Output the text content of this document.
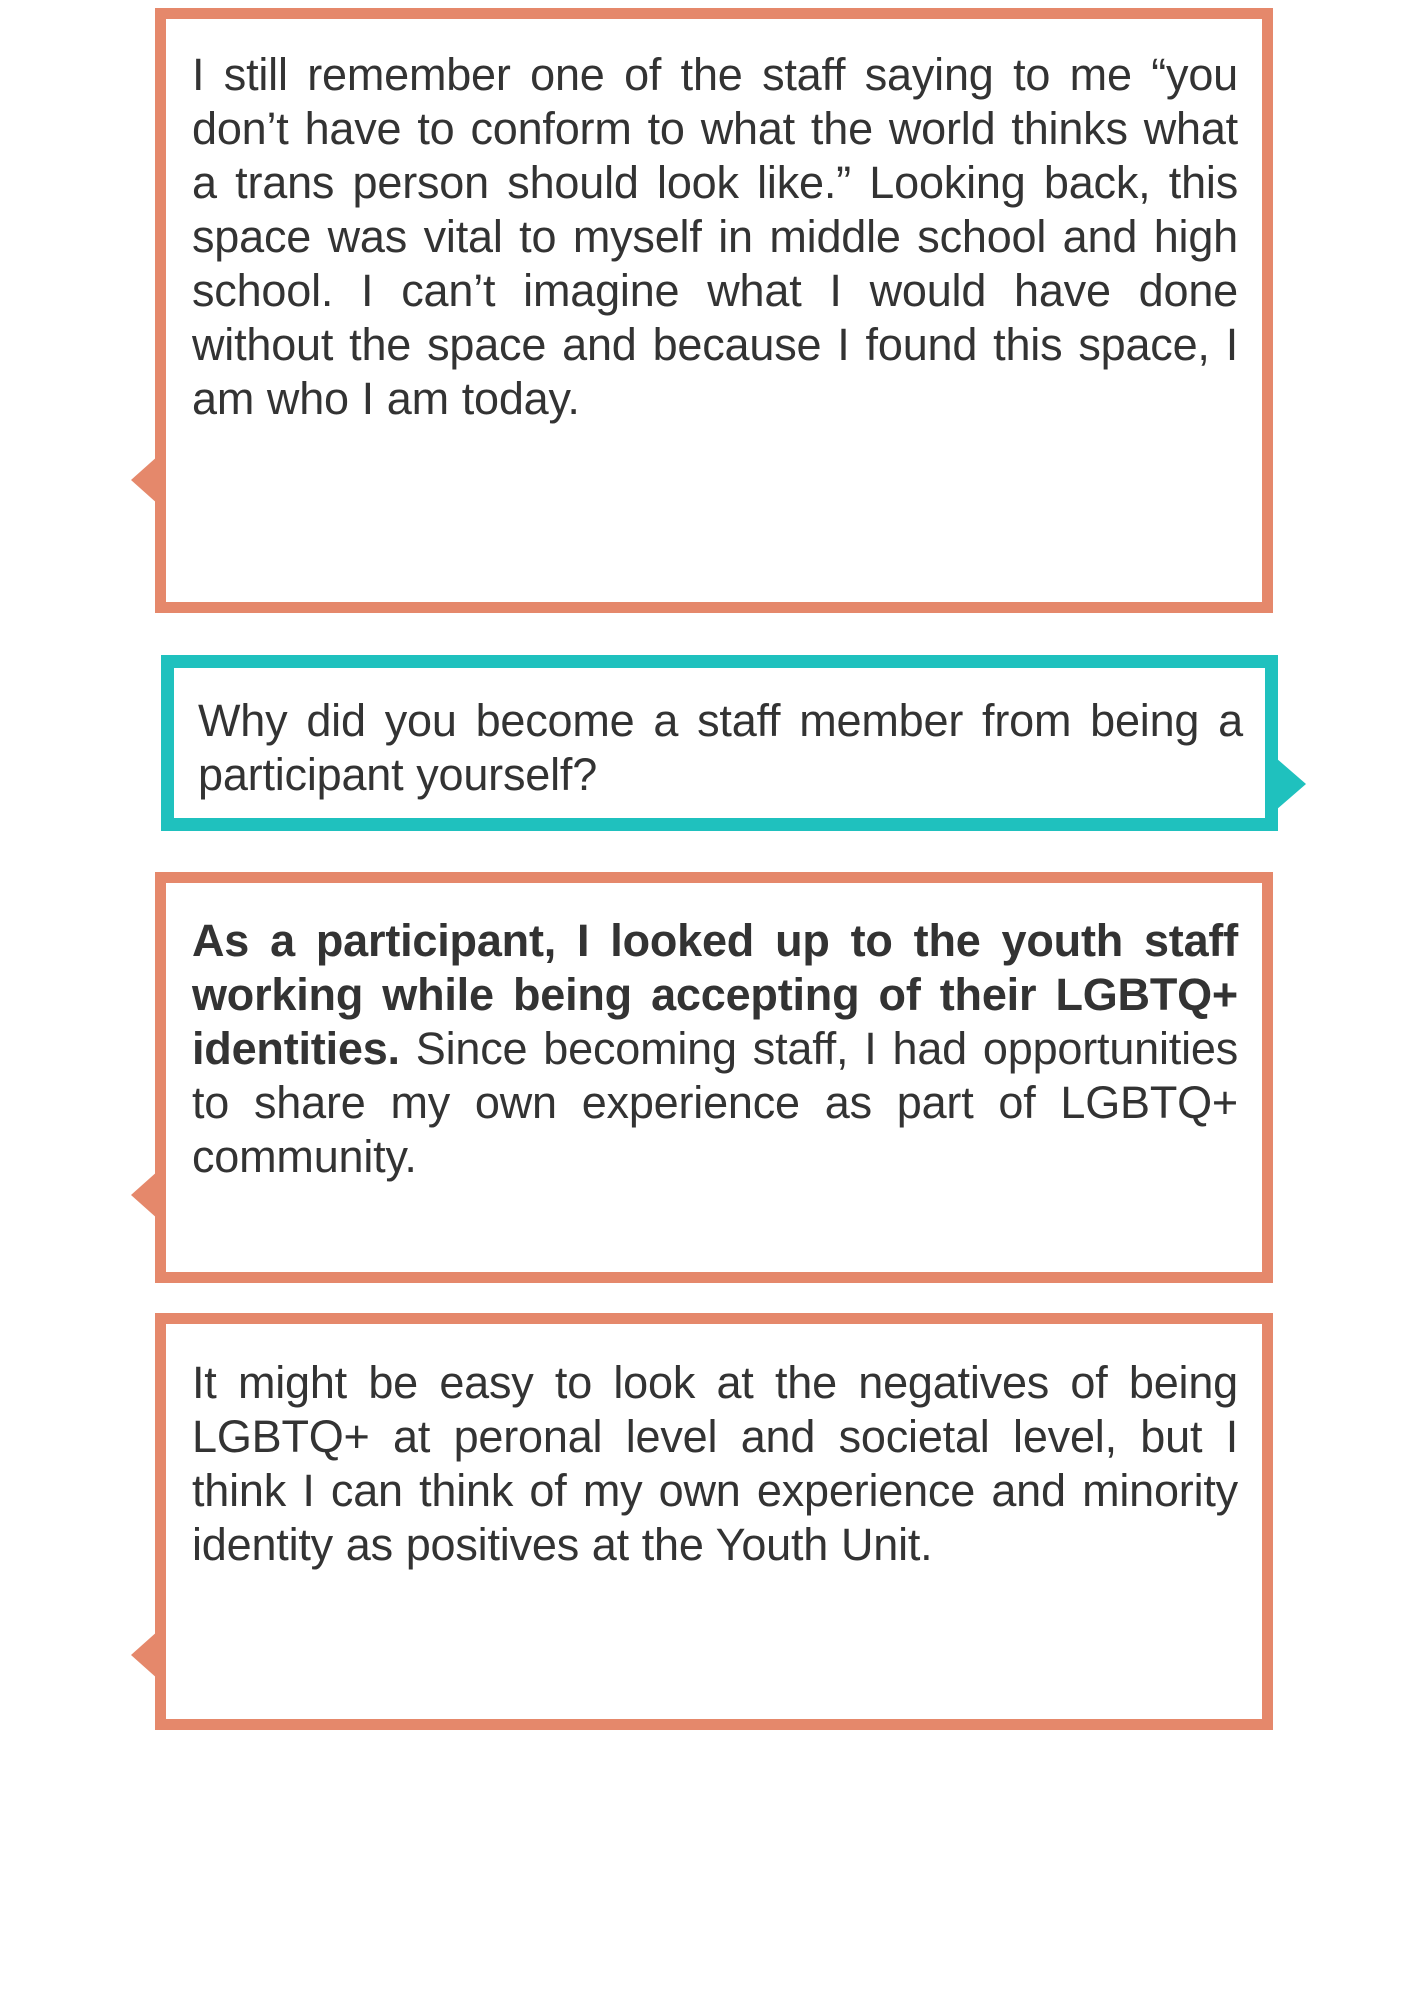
I still remember one of the staff saying to me “you don’t have to conform to what the world thinks what a trans person should look like.” Looking back, this space was vital to myself in middle school and high school. I can’t imagine what I would have done without the space and because I found this space, I am who I am today.

Why did you become a staff member from being a participant yourself?

As a participant, I looked up to the youth staff working while being accepting of their LGBTQ+ identities. Since becoming staff, I had opportunities to share my own experience as part of LGBTQ+ community.

It might be easy to look at the negatives of being LGBTQ+ at peronal level and societal level, but I think I can think of my own experience and minority identity as positives at the Youth Unit.
